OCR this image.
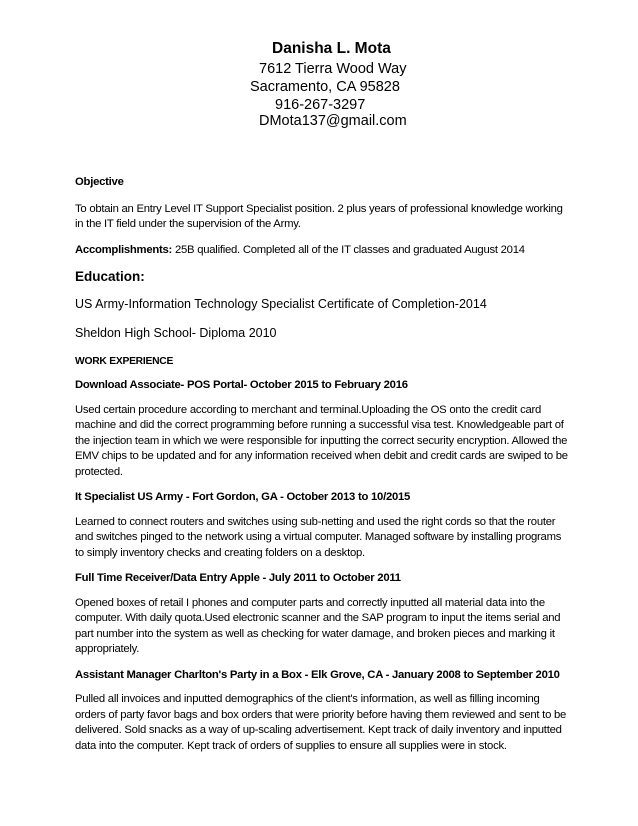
Danisha L. Mota
7612 Tierra Wood Way
Sacramento, CA 95828
916-267-3297
DMota137@gmail.com

Objective

To obtain an Entry Level IT Support Specialist position. 2 plus years of professional knowledge working in the IT field under the supervision of the Army.

Accomplishments: 25B qualified. Completed all of the IT classes and graduated August 2014

Education:

US Army-Information Technology Specialist Certificate of Completion-2014

Sheldon High School- Diploma 2010

WORK EXPERIENCE

Download Associate- POS Portal- October 2015 to February 2016

Used certain procedure according to merchant and terminal.Uploading the OS onto the credit card machine and did the correct programming before running a successful visa test. Knowledgeable part of the injection team in which we were responsible for inputting the correct security encryption. Allowed the EMV chips to be updated and for any information received when debit and credit cards are swiped to be protected.

It Specialist US Army - Fort Gordon, GA - October 2013 to 10/2015

Learned to connect routers and switches using sub-netting and used the right cords so that the router and switches pinged to the network using a virtual computer. Managed software by installing programs to simply inventory checks and creating folders on a desktop.

Full Time Receiver/Data Entry Apple - July 2011 to October 2011

Opened boxes of retail I phones and computer parts and correctly inputted all material data into the computer. With daily quota.Used electronic scanner and the SAP program to input the items serial and part number into the system as well as checking for water damage, and broken pieces and marking it appropriately.

Assistant Manager Charlton's Party in a Box - Elk Grove, CA - January 2008 to September 2010

Pulled all invoices and inputted demographics of the client's information, as well as filling incoming orders of party favor bags and box orders that were priority before having them reviewed and sent to be delivered. Sold snacks as a way of up-scaling advertisement. Kept track of daily inventory and inputted data into the computer. Kept track of orders of supplies to ensure all supplies were in stock.
